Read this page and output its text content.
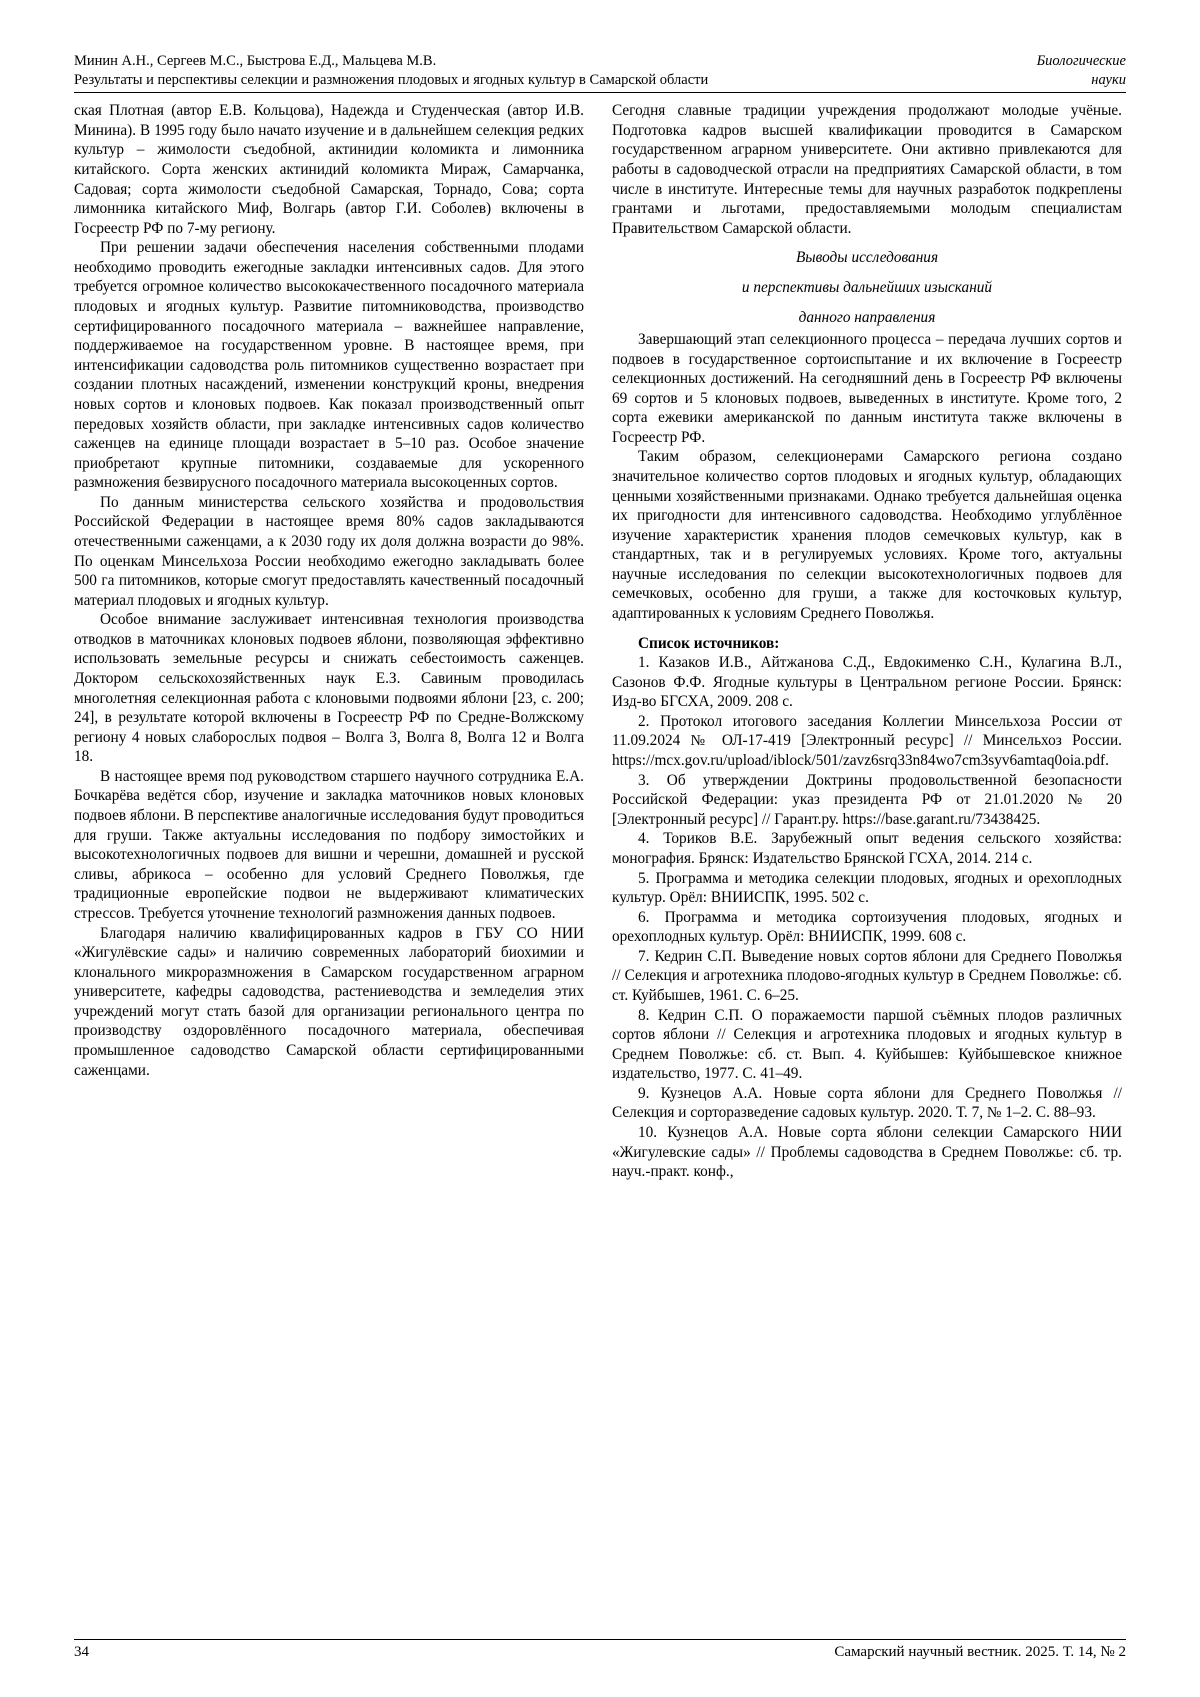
Минин А.Н., Сергеев М.С., Быстрова Е.Д., Мальцева М.В.
Результаты и перспективы селекции и размножения плодовых и ягодных культур в Самарской области
Биологические
науки

ская Плотная (автор Е.В. Кольцова), Надежда и Студенческая (автор И.В. Минина). В 1995 году было начато изучение и в дальнейшем селекция редких культур – жимолости съедобной, актинидии коломикта и лимонника китайского. Сорта женских актинидий коломикта Мираж, Самарчанка, Садовая; сорта жимолости съедобной Самарская, Торнадо, Сова; сорта лимонника китайского Миф, Волгарь (автор Г.И. Соболев) включены в Госреестр РФ по 7-му региону.

При решении задачи обеспечения населения собственными плодами необходимо проводить ежегодные закладки интенсивных садов. Для этого требуется огромное количество высококачественного посадочного материала плодовых и ягодных культур. Развитие питомниководства, производство сертифицированного посадочного материала – важнейшее направление, поддерживаемое на государственном уровне. В настоящее время, при интенсификации садоводства роль питомников существенно возрастает при создании плотных насаждений, изменении конструкций кроны, внедрения новых сортов и клоновых подвоев. Как показал производственный опыт передовых хозяйств области, при закладке интенсивных садов количество саженцев на единице площади возрастает в 5–10 раз. Особое значение приобретают крупные питомники, создаваемые для ускоренного размножения безвирусного посадочного материала высокоценных сортов.

По данным министерства сельского хозяйства и продовольствия Российской Федерации в настоящее время 80% садов закладываются отечественными саженцами, а к 2030 году их доля должна возрасти до 98%. По оценкам Минсельхоза России необходимо ежегодно закладывать более 500 га питомников, которые смогут предоставлять качественный посадочный материал плодовых и ягодных культур.

Особое внимание заслуживает интенсивная технология производства отводков в маточниках клоновых подвоев яблони, позволяющая эффективно использовать земельные ресурсы и снижать себестоимость саженцев. Доктором сельскохозяйственных наук Е.З. Савиным проводилась многолетняя селекционная работа с клоновыми подвоями яблони [23, с. 200; 24], в результате которой включены в Госреестр РФ по Средне-Волжскому региону 4 новых слаборослых подвоя – Волга 3, Волга 8, Волга 12 и Волга 18.

В настоящее время под руководством старшего научного сотрудника Е.А. Бочкарёва ведётся сбор, изучение и закладка маточников новых клоновых подвоев яблони. В перспективе аналогичные исследования будут проводиться для груши. Также актуальны исследования по подбору зимостойких и высокотехнологичных подвоев для вишни и черешни, домашней и русской сливы, абрикоса – особенно для условий Среднего Поволжья, где традиционные европейские подвои не выдерживают климатических стрессов. Требуется уточнение технологий размножения данных подвоев.

Благодаря наличию квалифицированных кадров в ГБУ СО НИИ «Жигулёвские сады» и наличию современных лабораторий биохимии и клонального микроразмножения в Самарском государственном аграрном университете, кафедры садоводства, растениеводства и земледелия этих учреждений могут стать базой для организации регионального центра по производству оздоровлённого посадочного материала, обеспечивая промышленное садоводство Самарской области сертифицированными саженцами.

Сегодня славные традиции учреждения продолжают молодые учёные. Подготовка кадров высшей квалификации проводится в Самарском государственном аграрном университете. Они активно привлекаются для работы в садоводческой отрасли на предприятиях Самарской области, в том числе в институте. Интересные темы для научных разработок подкреплены грантами и льготами, предоставляемыми молодым специалистам Правительством Самарской области.

Выводы исследования

и перспективы дальнейших изысканий

данного направления

Завершающий этап селекционного процесса – передача лучших сортов и подвоев в государственное сортоиспытание и их включение в Госреестр селекционных достижений. На сегодняшний день в Госреестр РФ включены 69 сортов и 5 клоновых подвоев, выведенных в институте. Кроме того, 2 сорта ежевики американской по данным института также включены в Госреестр РФ.

Таким образом, селекционерами Самарского региона создано значительное количество сортов плодовых и ягодных культур, обладающих ценными хозяйственными признаками. Однако требуется дальнейшая оценка их пригодности для интенсивного садоводства. Необходимо углублённое изучение характеристик хранения плодов семечковых культур, как в стандартных, так и в регулируемых условиях. Кроме того, актуальны научные исследования по селекции высокотехнологичных подвоев для семечковых, особенно для груши, а также для косточковых культур, адаптированных к условиям Среднего Поволжья.

Список источников:

1. Казаков И.В., Айтжанова С.Д., Евдокименко С.Н., Кулагина В.Л., Сазонов Ф.Ф. Ягодные культуры в Центральном регионе России. Брянск: Изд-во БГСХА, 2009. 208 с.

2. Протокол итогового заседания Коллегии Минсельхоза России от 11.09.2024 № ОЛ-17-419 [Электронный ресурс] // Минсельхоз России. https://mcx.gov.ru/upload/iblock/501/zavz6srq33n84wo7cm3syv6amtaq0oia.pdf.

3. Об утверждении Доктрины продовольственной безопасности Российской Федерации: указ президента РФ от 21.01.2020 № 20 [Электронный ресурс] // Гарант.ру. https://base.garant.ru/73438425.

4. Ториков В.Е. Зарубежный опыт ведения сельского хозяйства: монография. Брянск: Издательство Брянской ГСХА, 2014. 214 с.

5. Программа и методика селекции плодовых, ягодных и орехоплодных культур. Орёл: ВНИИСПК, 1995. 502 с.

6. Программа и методика сортоизучения плодовых, ягодных и орехоплодных культур. Орёл: ВНИИСПК, 1999. 608 с.

7. Кедрин С.П. Выведение новых сортов яблони для Среднего Поволжья // Селекция и агротехника плодово-ягодных культур в Среднем Поволжье: сб. ст. Куйбышев, 1961. С. 6–25.

8. Кедрин С.П. О поражаемости паршой съёмных плодов различных сортов яблони // Селекция и агротехника плодовых и ягодных культур в Среднем Поволжье: сб. ст. Вып. 4. Куйбышев: Куйбышевское книжное издательство, 1977. С. 41–49.

9. Кузнецов А.А. Новые сорта яблони для Среднего Поволжья // Селекция и сорторазведение садовых культур. 2020. Т. 7, № 1–2. С. 88–93.

10. Кузнецов А.А. Новые сорта яблони селекции Самарского НИИ «Жигулевские сады» // Проблемы садоводства в Среднем Поволжье: сб. тр. науч.-практ. конф.,

34	Самарский научный вестник. 2025. Т. 14, № 2
